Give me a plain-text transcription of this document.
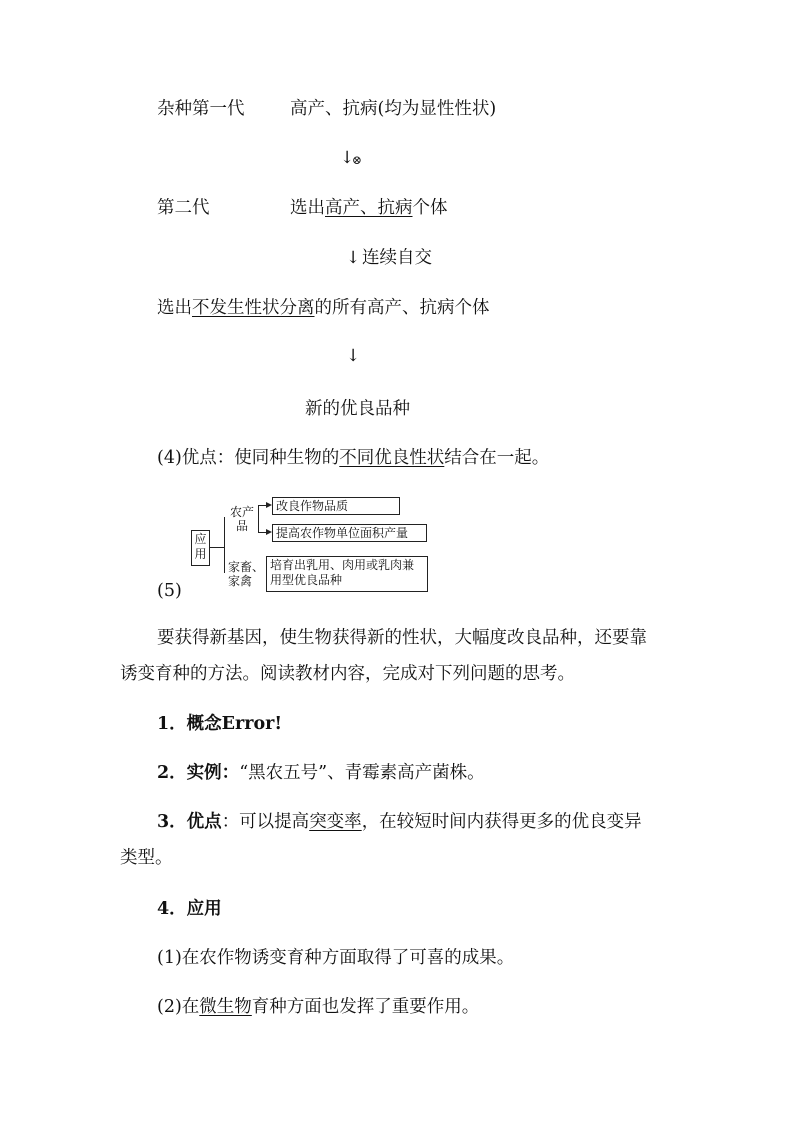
杂种第一代	高产、抗病(均为显性性状)
↓
⊗
第二代	选出高产、抗病个体
↓ 连续自交
选出不发生性状分离的所有高产、抗病个体
↓
新的优良品种
(4)优点：使同种生物的不同优良性状结合在一起。
应用
农产品
改良作物品质
提高农作物单位面积产量
家畜、家禽
培育出乳用、肉用或乳肉兼用型优良品种
(5)
要获得新基因，使生物获得新的性状，大幅度改良品种，还要靠
诱变育种的方法。阅读教材内容，完成对下列问题的思考。
1．概念Error!
2．实例：“黑农五号”、青霉素高产菌株。
3．优点：可以提高突变率，在较短时间内获得更多的优良变异
类型。
4．应用
(1)在农作物诱变育种方面取得了可喜的成果。
(2)在微生物育种方面也发挥了重要作用。
